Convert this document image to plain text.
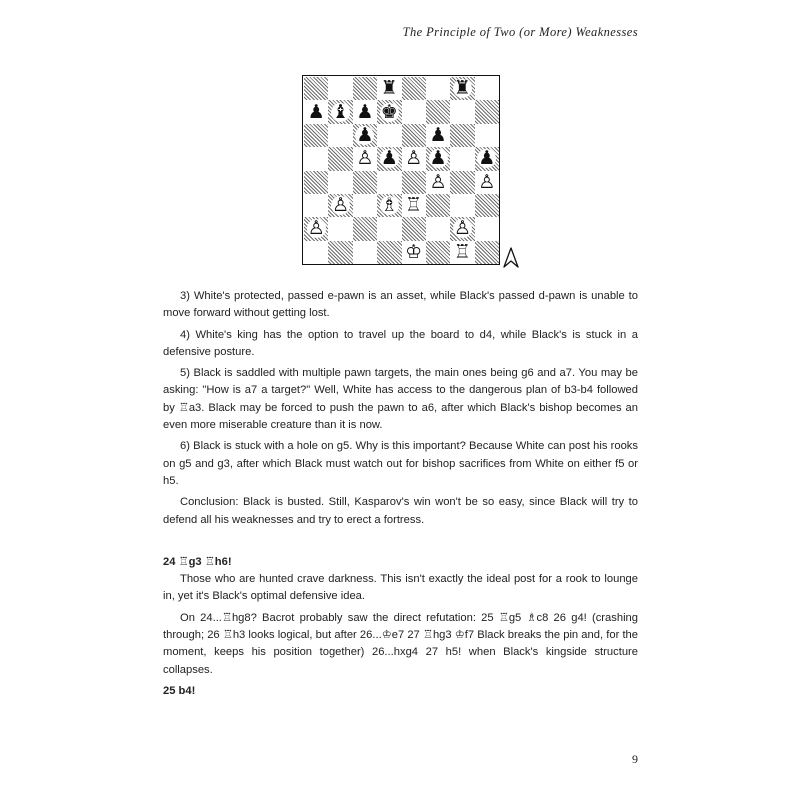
The Principle of Two (or More) Weaknesses
♜	♜
♟ ♝ ♟ ♚
♟	♟
♙ ♟ ♙ ♟ ♟
♙ ♙
♙ ♗ ♖
♙	♙
♔ ♖

3) White's protected, passed e-pawn is an asset, while Black's passed d-pawn is unable to move forward without getting lost.

4) White's king has the option to travel up the board to d4, while Black's is stuck in a defensive posture.

5) Black is saddled with multiple pawn targets, the main ones being g6 and a7. You may be asking: "How is a7 a target?" Well, White has access to the dangerous plan of b3-b4 followed by ♖a3. Black may be forced to push the pawn to a6, after which Black's bishop becomes an even more miserable creature than it is now.

6) Black is stuck with a hole on g5. Why is this important? Because White can post his rooks on g5 and g3, after which Black must watch out for bishop sacrifices from White on either f5 or h5.

Conclusion: Black is busted. Still, Kasparov's win won't be so easy, since Black will try to defend all his weaknesses and try to erect a fortress.

24 ♖g3 ♖h6!

Those who are hunted crave darkness. This isn't exactly the ideal post for a rook to lounge in, yet it's Black's optimal defensive idea.

On 24...♖hg8? Bacrot probably saw the direct refutation: 25 ♖g5 ♗c8 26 g4! (crashing through; 26 ♖h3 looks logical, but after 26...♔e7 27 ♖hg3 ♔f7 Black breaks the pin and, for the moment, keeps his position together) 26...hxg4 27 h5! when Black's kingside structure collapses.

25 b4!

9
